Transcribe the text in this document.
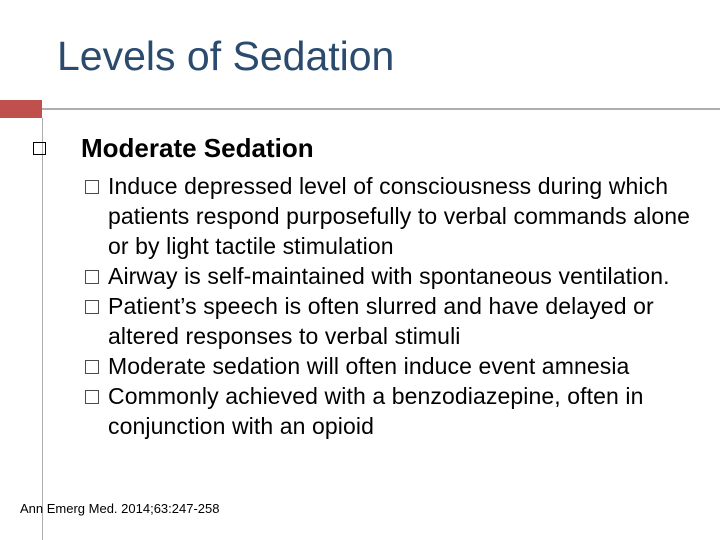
Levels of Sedation
Moderate Sedation
Induce depressed level of consciousness during which patients respond purposefully to verbal commands alone or by light tactile stimulation
Airway is self-maintained with spontaneous ventilation.
Patient’s speech is often slurred and have delayed or altered responses to verbal stimuli
Moderate sedation will often induce event amnesia
Commonly achieved with a benzodiazepine, often in conjunction with an opioid
Ann Emerg Med. 2014;63:247-258
